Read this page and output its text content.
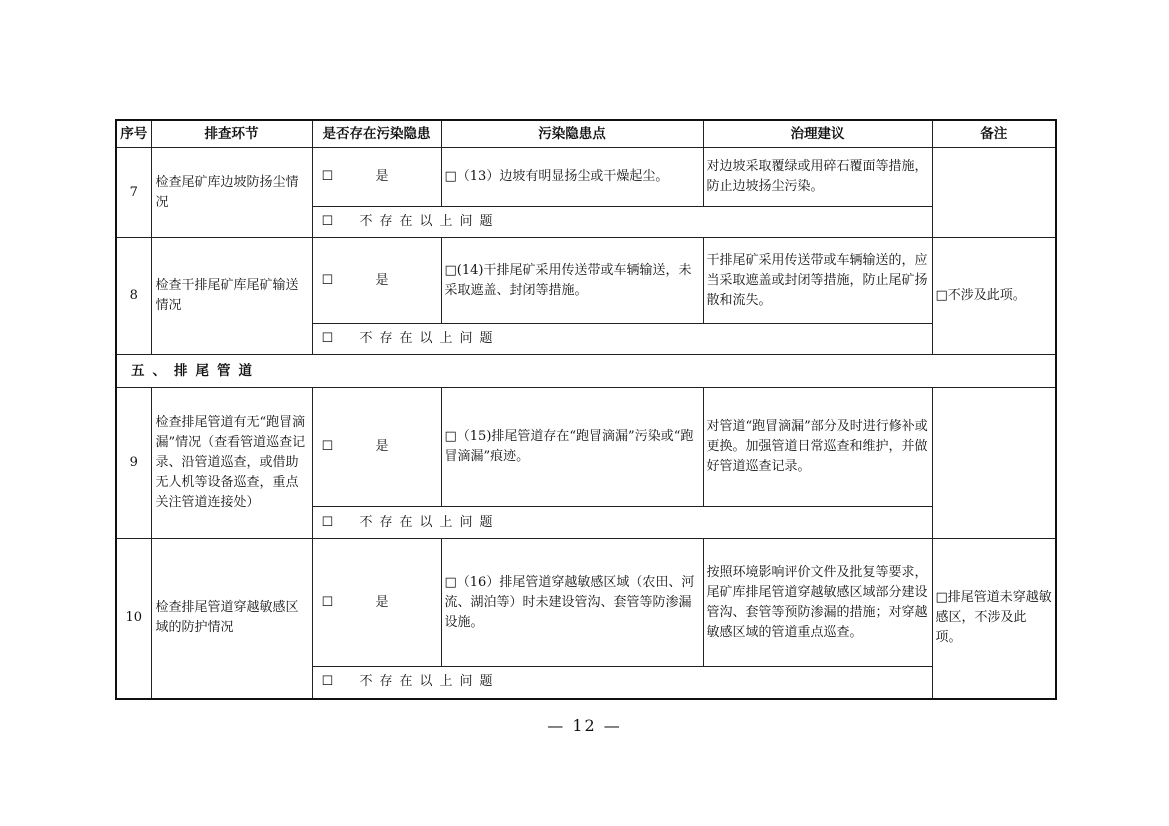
序号	排查环节	是否存在污染隐患	污染隐患点	治理建议	备注
7	检查尾矿库边坡防扬尘情况	☐ 是	□（13）边坡有明显扬尘或干燥起尘。	对边坡采取覆绿或用碎石覆面等措施，防止边坡扬尘污染。	
		☐ 不存在以上问题			
8	检查干排尾矿库尾矿输送情况	☐ 是	□(14)干排尾矿采用传送带或车辆输送，未采取遮盖、封闭等措施。	干排尾矿采用传送带或车辆输送的，应当采取遮盖或封闭等措施，防止尾矿扬散和流失。	□不涉及此项。
		☐ 不存在以上问题			
五、排尾管道					
9	检查排尾管道有无“跑冒滴漏”情况（查看管道巡查记录、沿管道巡查，或借助无人机等设备巡查，重点关注管道连接处）	☐ 是	□（15)排尾管道存在“跑冒滴漏”污染或“跑冒滴漏”痕迹。	对管道“跑冒滴漏”部分及时进行修补或更换。加强管道日常巡查和维护，并做好管道巡查记录。	
		☐ 不存在以上问题			
10	检查排尾管道穿越敏感区域的防护情况	☐ 是	□（16）排尾管道穿越敏感区域（农田、河流、湖泊等）时未建设管沟、套管等防渗漏设施。	按照环境影响评价文件及批复等要求，尾矿库排尾管道穿越敏感区域部分建设管沟、套管等预防渗漏的措施；对穿越敏感区域的管道重点巡查。	□排尾管道未穿越敏感区，不涉及此项。
		☐ 不存在以上问题			
— 12 —
